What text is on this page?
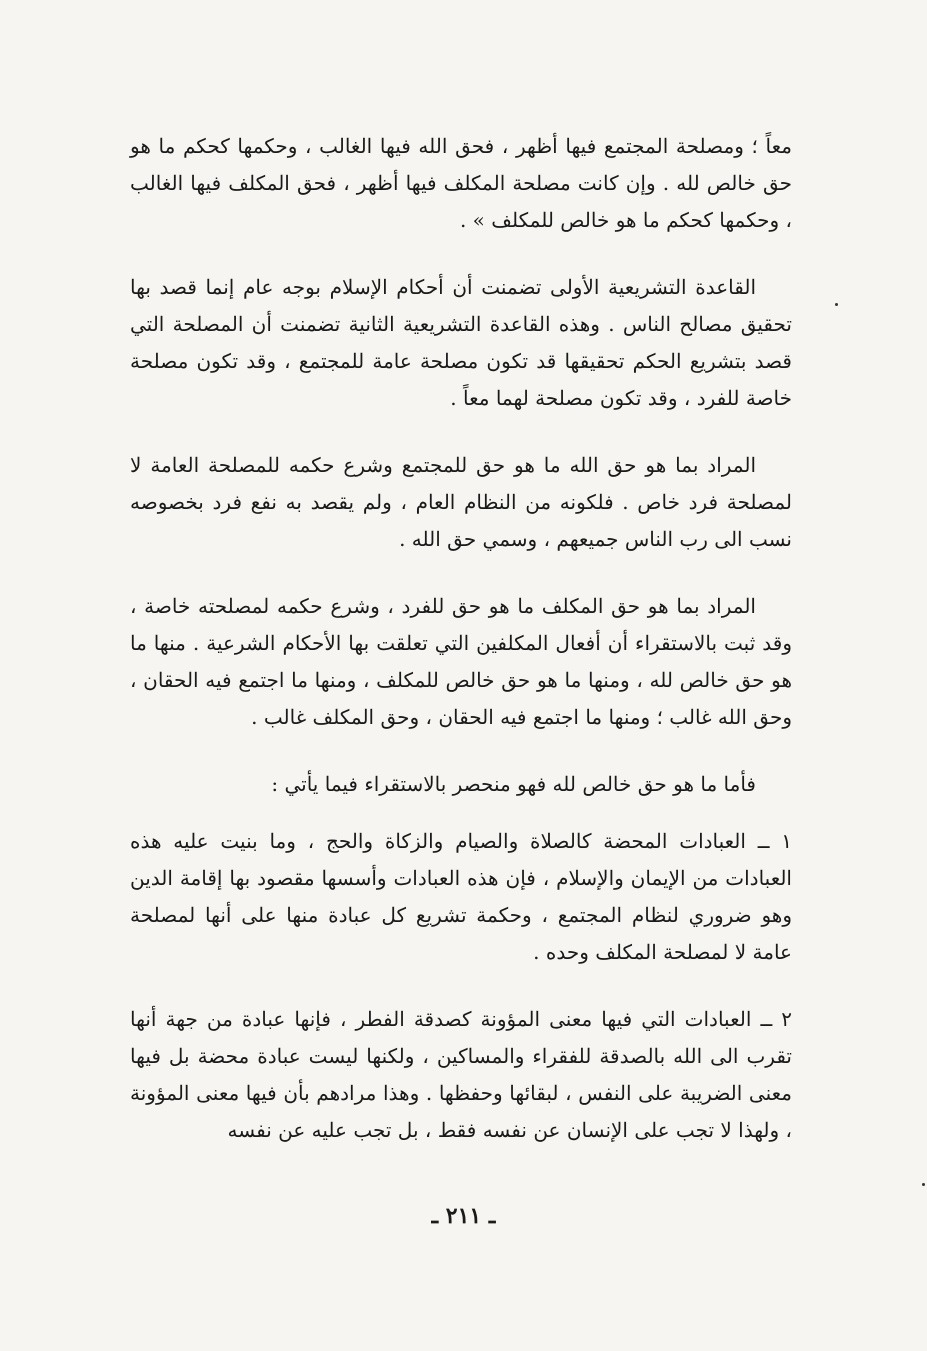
معاً ؛ ومصلحة المجتمع فيها أظهر ، فحق الله فيها الغالب ، وحكمها كحكم ما هو حق خالص لله . وإن كانت مصلحة المكلف فيها أظهر ، فحق المكلف فيها الغالب ، وحكمها كحكم ما هو خالص للمكلف » .

القاعدة التشريعية الأولى تضمنت أن أحكام الإسلام بوجه عام إنما قصد بها تحقيق مصالح الناس . وهذه القاعدة التشريعية الثانية تضمنت أن المصلحة التي قصد بتشريع الحكم تحقيقها قد تكون مصلحة عامة للمجتمع ، وقد تكون مصلحة خاصة للفرد ، وقد تكون مصلحة لهما معاً .

المراد بما هو حق الله ما هو حق للمجتمع وشرع حكمه للمصلحة العامة لا لمصلحة فرد خاص . فلكونه من النظام العام ، ولم يقصد به نفع فرد بخصوصه نسب الى رب الناس جميعهم ، وسمي حق الله .

المراد بما هو حق المكلف ما هو حق للفرد ، وشرع حكمه لمصلحته خاصة ، وقد ثبت بالاستقراء أن أفعال المكلفين التي تعلقت بها الأحكام الشرعية . منها ما هو حق خالص لله ، ومنها ما هو حق خالص للمكلف ، ومنها ما اجتمع فيه الحقان ، وحق الله غالب ؛ ومنها ما اجتمع فيه الحقان ، وحق المكلف غالب .

فأما ما هو حق خالص لله فهو منحصر بالاستقراء فيما يأتي :

١ ــ العبادات المحضة كالصلاة والصيام والزكاة والحج ، وما بنيت عليه هذه العبادات من الإيمان والإسلام ، فإن هذه العبادات وأسسها مقصود بها إقامة الدين وهو ضروري لنظام المجتمع ، وحكمة تشريع كل عبادة منها على أنها لمصلحة عامة لا لمصلحة المكلف وحده .

٢ ــ العبادات التي فيها معنى المؤونة كصدقة الفطر ، فإنها عبادة من جهة أنها تقرب الى الله بالصدقة للفقراء والمساكين ، ولكنها ليست عبادة محضة بل فيها معنى الضريبة على النفس ، لبقائها وحفظها . وهذا مرادهم بأن فيها معنى المؤونة ، ولهذا لا تجب على الإنسان عن نفسه فقط ، بل تجب عليه عن نفسه

ـ ٢١١ ـ
